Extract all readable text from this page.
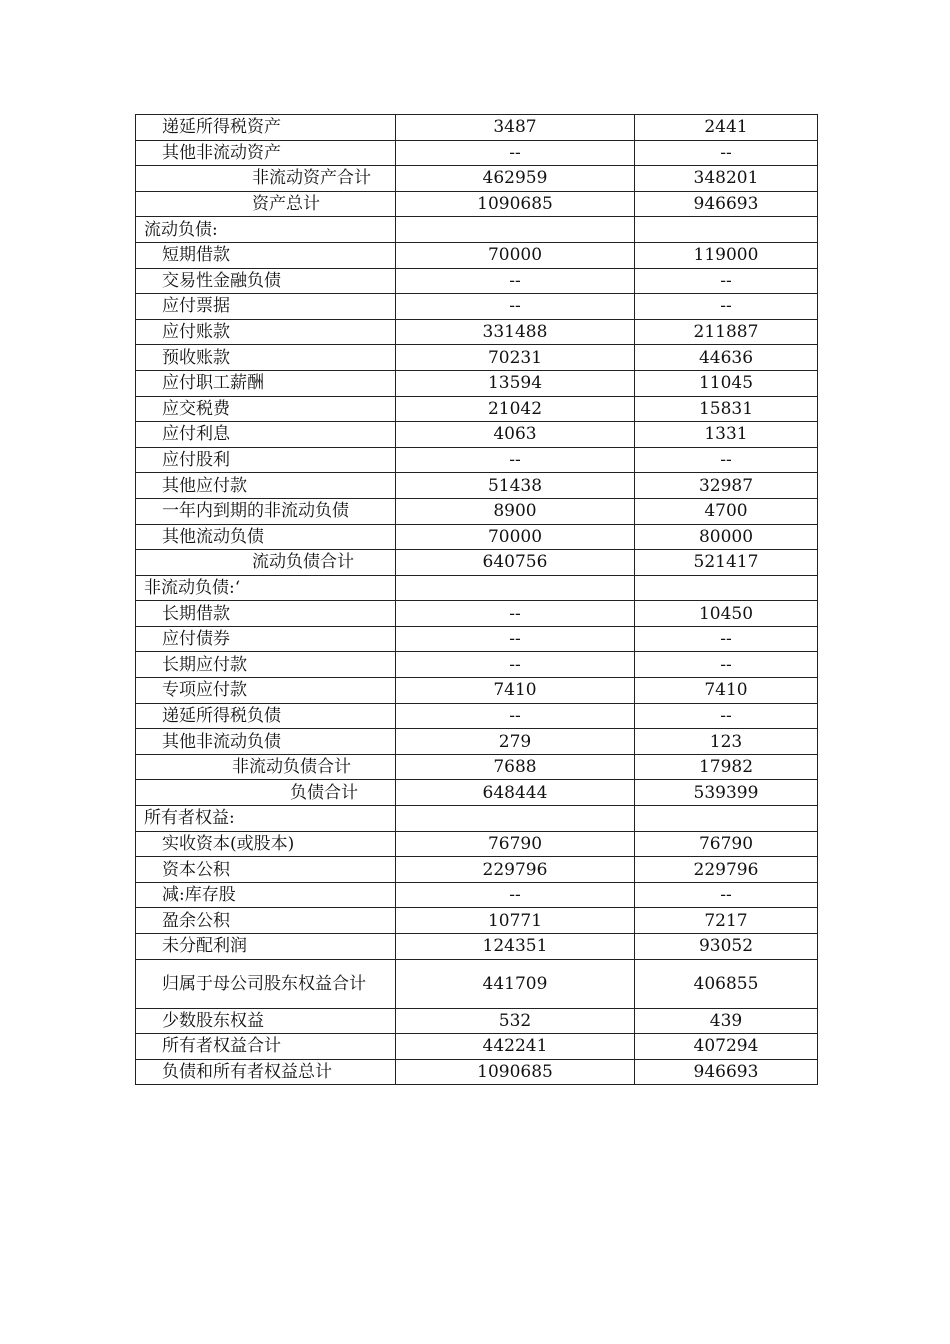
递延所得税资产	3487	2441
其他非流动资产	--	--
非流动资产合计	462959	348201
资产总计	1090685	946693
流动负债:		
短期借款	70000	119000
交易性金融负债	--	--
应付票据	--	--
应付账款	331488	211887
预收账款	70231	44636
应付职工薪酬	13594	11045
应交税费	21042	15831
应付利息	4063	1331
应付股利	--	--
其他应付款	51438	32987
一年内到期的非流动负债	8900	4700
其他流动负债	70000	80000
流动负债合计	640756	521417
非流动负债:‘		
长期借款	--	10450
应付债券	--	--
长期应付款	--	--
专项应付款	7410	7410
递延所得税负债	--	--
其他非流动负债	279	123
非流动负债合计	7688	17982
负债合计	648444	539399
所有者权益:		
实收资本(或股本)	76790	76790
资本公积	229796	229796
减:库存股	--	--
盈余公积	10771	7217
未分配利润	124351	93052
归属于母公司股东权益合计	441709	406855
少数股东权益	532	439
所有者权益合计	442241	407294
负债和所有者权益总计	1090685	946693
